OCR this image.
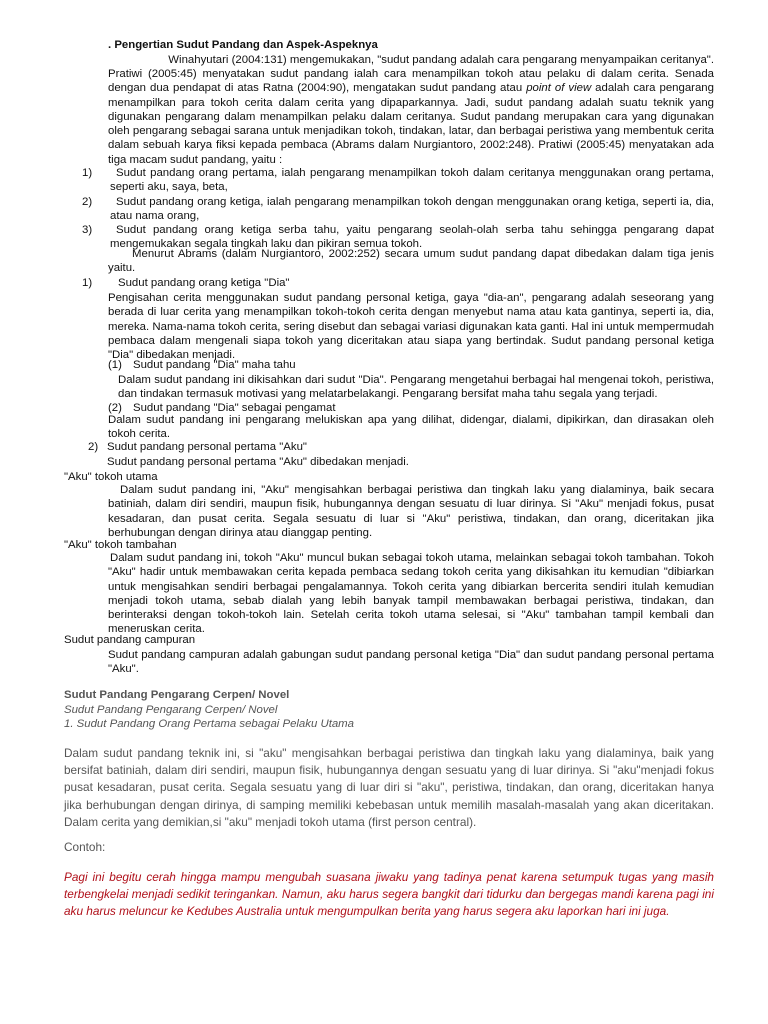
. Pengertian Sudut Pandang dan Aspek-Aspeknya

Winahyutari (2004:131) mengemukakan, "sudut pandang adalah cara pengarang menyampaikan ceritanya".

Pratiwi (2005:45) menyatakan sudut pandang ialah cara menampilkan tokoh atau pelaku di dalam cerita. Senada dengan dua pendapat di atas Ratna (2004:90), mengatakan sudut pandang atau point of view adalah cara pengarang menampilkan para tokoh cerita dalam cerita yang dipaparkannya. Jadi, sudut pandang adalah suatu teknik yang digunakan pengarang dalam menampilkan pelaku dalam ceritanya. Sudut pandang merupakan cara yang digunakan oleh pengarang sebagai sarana untuk menjadikan tokoh, tindakan, latar, dan berbagai peristiwa yang membentuk cerita dalam sebuah karya fiksi kepada pembaca (Abrams dalam Nurgiantoro, 2002:248). Pratiwi (2005:45) menyatakan ada tiga macam sudut pandang, yaitu :

1)	Sudut pandang orang pertama, ialah pengarang menampilkan tokoh dalam ceritanya menggunakan orang pertama, seperti aku, saya, beta,

2)	Sudut pandang orang ketiga, ialah pengarang menampilkan tokoh dengan menggunakan orang ketiga, seperti ia, dia, atau nama orang,

3)	Sudut pandang orang ketiga serba tahu, yaitu pengarang seolah-olah serba tahu sehingga pengarang dapat mengemukakan segala tingkah laku dan pikiran semua tokoh.

Menurut Abrams (dalam Nurgiantoro, 2002:252) secara umum sudut pandang dapat dibedakan dalam tiga jenis yaitu.

1) Sudut pandang orang ketiga "Dia"

Pengisahan cerita menggunakan sudut pandang personal ketiga, gaya "dia-an", pengarang adalah seseorang yang berada di luar cerita yang menampilkan tokoh-tokoh cerita dengan menyebut nama atau kata gantinya, seperti ia, dia, mereka. Nama-nama tokoh cerita, sering disebut dan sebagai variasi digunakan kata ganti. Hal ini untuk mempermudah pembaca dalam mengenali siapa tokoh yang diceritakan atau siapa yang bertindak. Sudut pandang personal ketiga "Dia" dibedakan menjadi.

(1) Sudut pandang "Dia" maha tahu

Dalam sudut pandang ini dikisahkan dari sudut "Dia". Pengarang mengetahui berbagai hal mengenai tokoh, peristiwa, dan tindakan termasuk motivasi yang melatarbelakangi. Pengarang bersifat maha tahu segala yang terjadi.

(2) Sudut pandang "Dia" sebagai pengamat

Dalam sudut pandang ini pengarang melukiskan apa yang dilihat, didengar, dialami, dipikirkan, dan dirasakan oleh tokoh cerita.

2) Sudut pandang personal pertama "Aku"
Sudut pandang personal pertama "Aku" dibedakan menjadi.
"Aku" tokoh utama

Dalam sudut pandang ini, "Aku" mengisahkan berbagai peristiwa dan tingkah laku yang dialaminya, baik secara batiniah, dalam diri sendiri, maupun fisik, hubungannya dengan sesuatu di luar dirinya. Si "Aku" menjadi fokus, pusat kesadaran, dan pusat cerita. Segala sesuatu di luar si "Aku" peristiwa, tindakan, dan orang, diceritakan jika berhubungan dengan dirinya atau dianggap penting.

"Aku" tokoh tambahan

Dalam sudut pandang ini, tokoh "Aku" muncul bukan sebagai tokoh utama, melainkan sebagai tokoh tambahan. Tokoh "Aku" hadir untuk membawakan cerita kepada pembaca sedang tokoh cerita yang dikisahkan itu kemudian "dibiarkan untuk mengisahkan sendiri berbagai pengalamannya. Tokoh cerita yang dibiarkan bercerita sendiri itulah kemudian menjadi tokoh utama, sebab dialah yang lebih banyak tampil membawakan berbagai peristiwa, tindakan, dan berinteraksi dengan tokoh-tokoh lain. Setelah cerita tokoh utama selesai, si "Aku" tambahan tampil kembali dan meneruskan cerita.

Sudut pandang campuran

Sudut pandang campuran adalah gabungan sudut pandang personal ketiga "Dia" dan sudut pandang personal pertama "Aku".

Sudut Pandang Pengarang Cerpen/ Novel
Sudut Pandang Pengarang Cerpen/ Novel
1. Sudut Pandang Orang Pertama sebagai Pelaku Utama

Dalam sudut pandang teknik ini, si "aku" mengisahkan berbagai peristiwa dan tingkah laku yang dialaminya, baik yang bersifat batiniah, dalam diri sendiri, maupun fisik, hubungannya dengan sesuatu yang di luar dirinya. Si "aku"menjadi fokus pusat kesadaran, pusat cerita. Segala sesuatu yang di luar diri si "aku", peristiwa, tindakan, dan orang, diceritakan hanya jika berhubungan dengan dirinya, di samping memiliki kebebasan untuk memilih masalah-masalah yang akan diceritakan. Dalam cerita yang demikian,si "aku" menjadi tokoh utama (first person central).

Contoh:

Pagi ini begitu cerah hingga mampu mengubah suasana jiwaku yang tadinya penat karena setumpuk tugas yang masih terbengkelai menjadi sedikit teringankan. Namun, aku harus segera bangkit dari tidurku dan bergegas mandi karena pagi ini aku harus meluncur ke Kedubes Australia untuk mengumpulkan berita yang harus segera aku laporkan hari ini juga.
